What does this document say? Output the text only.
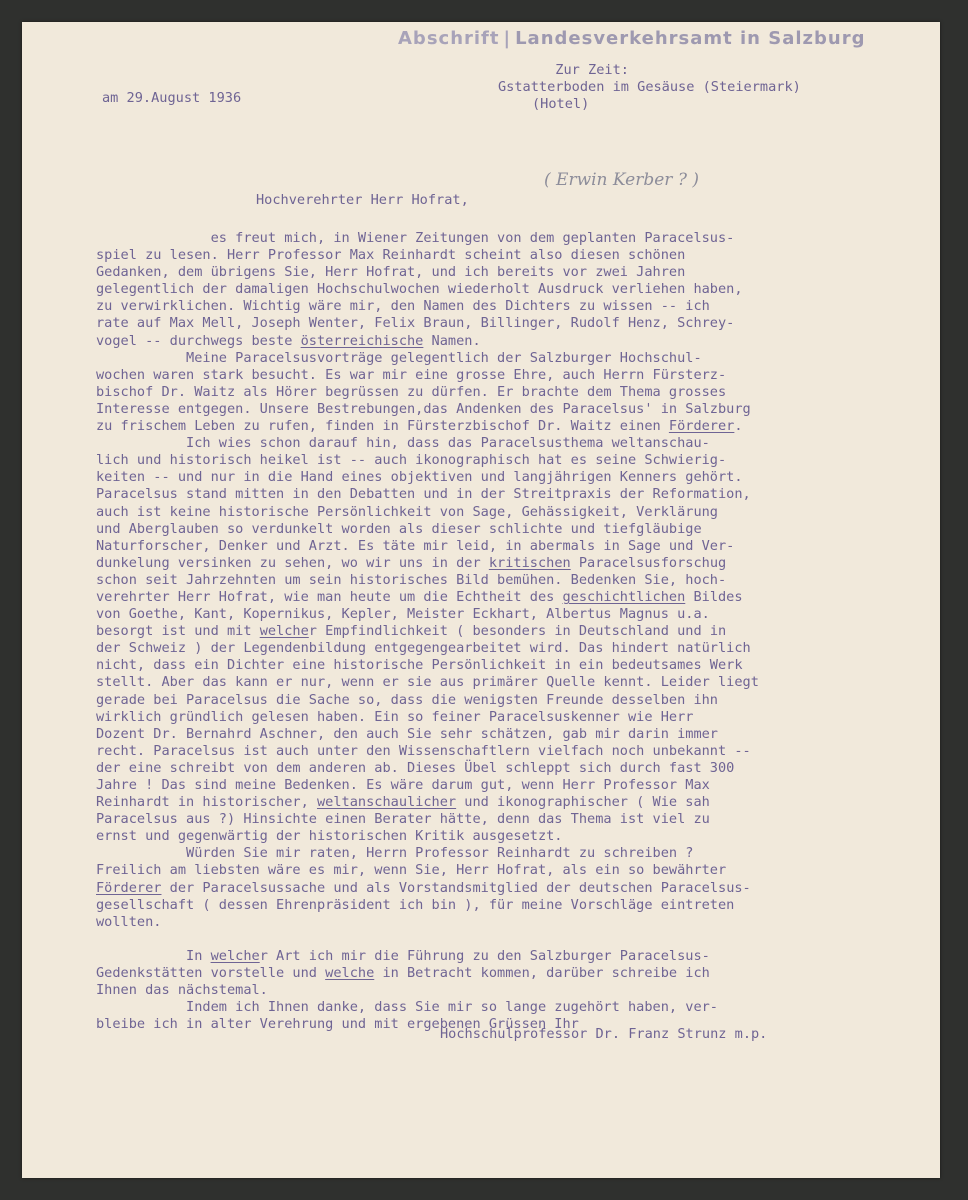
Abschrift | Landesverkehrsamt in Salzburg
Zur Zeit:
Gstatterboden im Gesäuse (Steiermark)
(Hotel)
am 29.August 1936
Hochverehrter Herr Hofrat,
( Erwin Kerber ? )
es freut mich, in Wiener Zeitungen von dem geplanten Paracelsus-
spiel zu lesen. Herr Professor Max Reinhardt scheint also diesen schönen
Gedanken, dem übrigens Sie, Herr Hofrat, und ich bereits vor zwei Jahren
gelegentlich der damaligen Hochschulwochen wiederholt Ausdruck verliehen haben,
zu verwirklichen. Wichtig wäre mir, den Namen des Dichters zu wissen -- ich
rate auf Max Mell, Joseph Wenter, Felix Braun, Billinger, Rudolf Henz, Schrey-
vogel -- durchwegs beste österreichische Namen.
Meine Paracelsusvorträge gelegentlich der Salzburger Hochschul-
wochen waren stark besucht. Es war mir eine grosse Ehre, auch Herrn Fürsterz-
bischof Dr. Waitz als Hörer begrüssen zu dürfen. Er brachte dem Thema grosses
Interesse entgegen. Unsere Bestrebungen,das Andenken des Paracelsus' in Salzburg
zu frischem Leben zu rufen, finden in Fürsterzbischof Dr. Waitz einen Förderer.
Ich wies schon darauf hin, dass das Paracelsusthema weltanschau-
lich und historisch heikel ist -- auch ikonographisch hat es seine Schwierig-
keiten -- und nur in die Hand eines objektiven und langjährigen Kenners gehört.
Paracelsus stand mitten in den Debatten und in der Streitpraxis der Reformation,
auch ist keine historische Persönlichkeit von Sage, Gehässigkeit, Verklärung
und Aberglauben so verdunkelt worden als dieser schlichte und tiefgläubige
Naturforscher, Denker und Arzt. Es täte mir leid, in abermals in Sage und Ver-
dunkelung versinken zu sehen, wo wir uns in der kritischen Paracelsusforschug
schon seit Jahrzehnten um sein historisches Bild bemühen. Bedenken Sie, hoch-
verehrter Herr Hofrat, wie man heute um die Echtheit des geschichtlichen Bildes
von Goethe, Kant, Kopernikus, Kepler, Meister Eckhart, Albertus Magnus u.a.
besorgt ist und mit welcher Empfindlichkeit ( besonders in Deutschland und in
der Schweiz ) der Legendenbildung entgegengearbeitet wird. Das hindert natürlich
nicht, dass ein Dichter eine historische Persönlichkeit in ein bedeutsames Werk
stellt. Aber das kann er nur, wenn er sie aus primärer Quelle kennt. Leider liegt
gerade bei Paracelsus die Sache so, dass die wenigsten Freunde desselben ihn
wirklich gründlich gelesen haben. Ein so feiner Paracelsuskenner wie Herr
Dozent Dr. Bernahrd Aschner, den auch Sie sehr schätzen, gab mir darin immer
recht. Paracelsus ist auch unter den Wissenschaftlern vielfach noch unbekannt --
der eine schreibt von dem anderen ab. Dieses Übel schleppt sich durch fast 300
Jahre ! Das sind meine Bedenken. Es wäre darum gut, wenn Herr Professor Max
Reinhardt in historischer, weltanschaulicher und ikonographischer ( Wie sah
Paracelsus aus ?) Hinsichte einen Berater hätte, denn das Thema ist viel zu
ernst und gegenwärtig der historischen Kritik ausgesetzt.
Würden Sie mir raten, Herrn Professor Reinhardt zu schreiben ?
Freilich am liebsten wäre es mir, wenn Sie, Herr Hofrat, als ein so bewährter
Förderer der Paracelsussache und als Vorstandsmitglied der deutschen Paracelsus-
gesellschaft ( dessen Ehrenpräsident ich bin ), für meine Vorschläge eintreten
wollten.
In welcher Art ich mir die Führung zu den Salzburger Paracelsus-
Gedenkstätten vorstelle und welche in Betracht kommen, darüber schreibe ich
Ihnen das nächstemal.
Indem ich Ihnen danke, dass Sie mir so lange zugehört haben, ver-
bleibe ich in alter Verehrung und mit ergebenen Grüssen Ihr
Hochschulprofessor Dr. Franz Strunz m.p.
